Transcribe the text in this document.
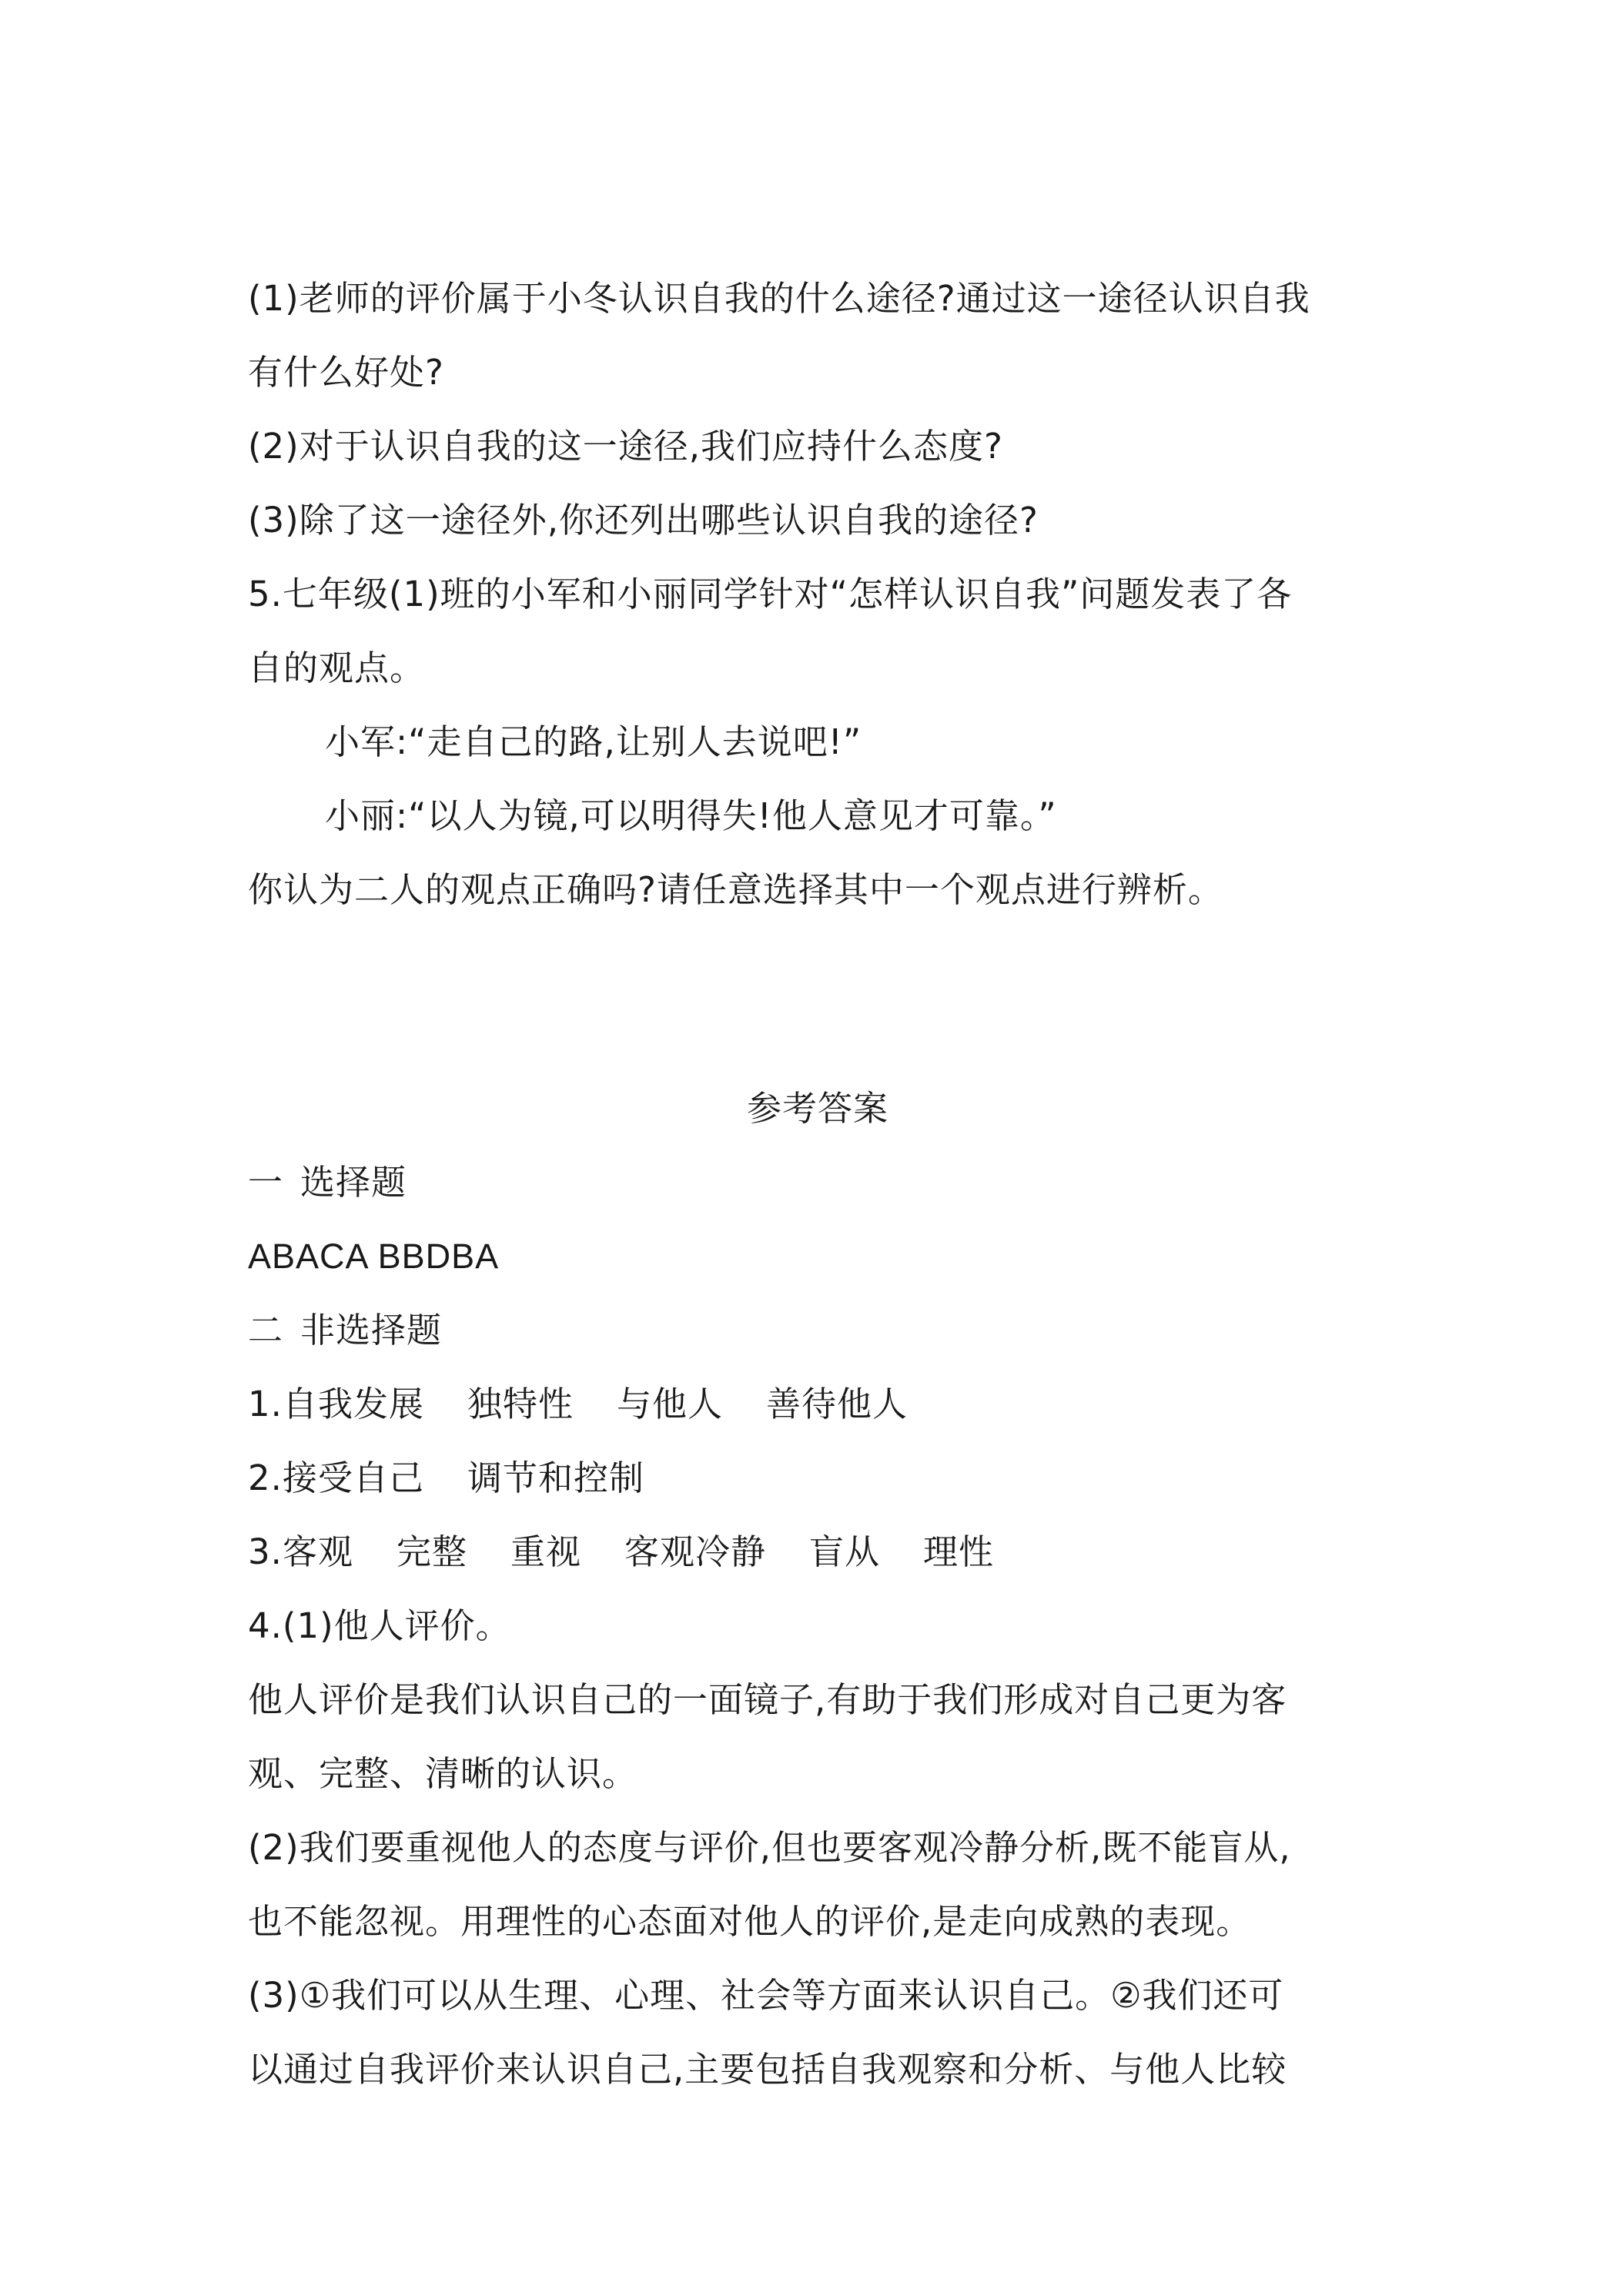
(1)老师的评价属于小冬认识自我的什么途径?通过这一途径认识自我
有什么好处?
(2)对于认识自我的这一途径,我们应持什么态度?
(3)除了这一途径外,你还列出哪些认识自我的途径?
5.七年级(1)班的小军和小丽同学针对“怎样认识自我”问题发表了各
自的观点。
小军:“走自己的路,让别人去说吧!”
小丽:“以人为镜,可以明得失!他人意见才可靠。”
你认为二人的观点正确吗?请任意选择其中一个观点进行辨析。
参考答案
一 选择题
ABACA BBDBA
二 非选择题
1.自我发展 独特性 与他人 善待他人
2.接受自己 调节和控制
3.客观 完整 重视 客观冷静 盲从 理性
4.(1)他人评价。
他人评价是我们认识自己的一面镜子,有助于我们形成对自己更为客
观、完整、清晰的认识。
(2)我们要重视他人的态度与评价,但也要客观冷静分析,既不能盲从,
也不能忽视。用理性的心态面对他人的评价,是走向成熟的表现。
(3)①我们可以从生理、心理、社会等方面来认识自己。②我们还可
以通过自我评价来认识自己,主要包括自我观察和分析、与他人比较
